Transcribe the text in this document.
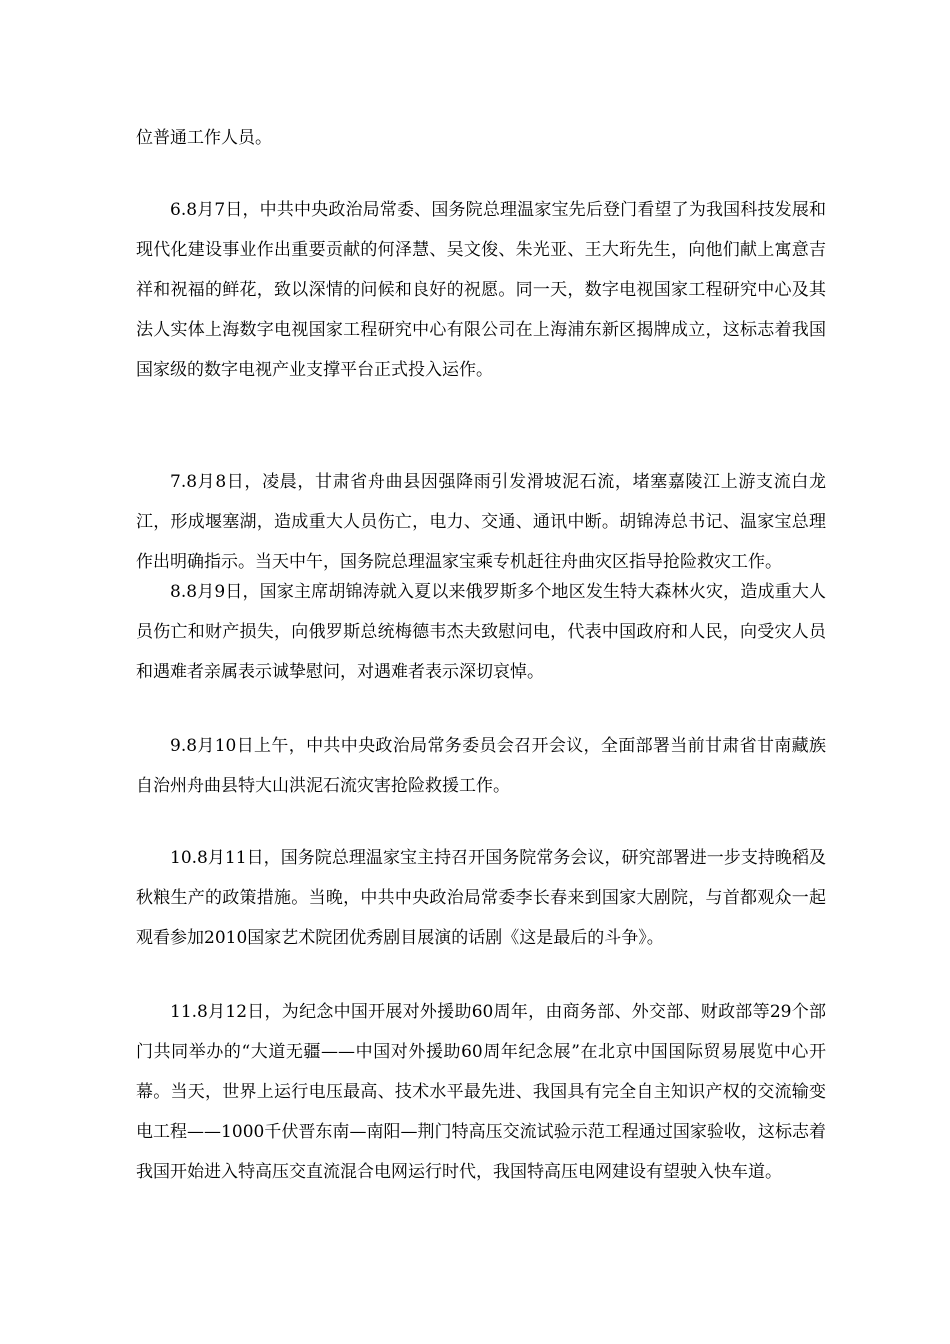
位普通工作人员。

6.8月7日，中共中央政治局常委、国务院总理温家宝先后登门看望了为我国科技发展和现代化建设事业作出重要贡献的何泽慧、吴文俊、朱光亚、王大珩先生，向他们献上寓意吉祥和祝福的鲜花，致以深情的问候和良好的祝愿。同一天，数字电视国家工程研究中心及其法人实体上海数字电视国家工程研究中心有限公司在上海浦东新区揭牌成立，这标志着我国国家级的数字电视产业支撑平台正式投入运作。

7.8月8日，凌晨，甘肃省舟曲县因强降雨引发滑坡泥石流，堵塞嘉陵江上游支流白龙江，形成堰塞湖，造成重大人员伤亡，电力、交通、通讯中断。胡锦涛总书记、温家宝总理作出明确指示。当天中午，国务院总理温家宝乘专机赶往舟曲灾区指导抢险救灾工作。

8.8月9日，国家主席胡锦涛就入夏以来俄罗斯多个地区发生特大森林火灾，造成重大人员伤亡和财产损失，向俄罗斯总统梅德韦杰夫致慰问电，代表中国政府和人民，向受灾人员和遇难者亲属表示诚挚慰问，对遇难者表示深切哀悼。

9.8月10日上午，中共中央政治局常务委员会召开会议，全面部署当前甘肃省甘南藏族自治州舟曲县特大山洪泥石流灾害抢险救援工作。

10.8月11日，国务院总理温家宝主持召开国务院常务会议，研究部署进一步支持晚稻及秋粮生产的政策措施。当晚，中共中央政治局常委李长春来到国家大剧院，与首都观众一起观看参加2010国家艺术院团优秀剧目展演的话剧《这是最后的斗争》。

11.8月12日，为纪念中国开展对外援助60周年，由商务部、外交部、财政部等29个部门共同举办的“大道无疆——中国对外援助60周年纪念展”在北京中国国际贸易展览中心开幕。当天，世界上运行电压最高、技术水平最先进、我国具有完全自主知识产权的交流输变电工程——1000千伏晋东南—南阳—荆门特高压交流试验示范工程通过国家验收，这标志着我国开始进入特高压交直流混合电网运行时代，我国特高压电网建设有望驶入快车道。
